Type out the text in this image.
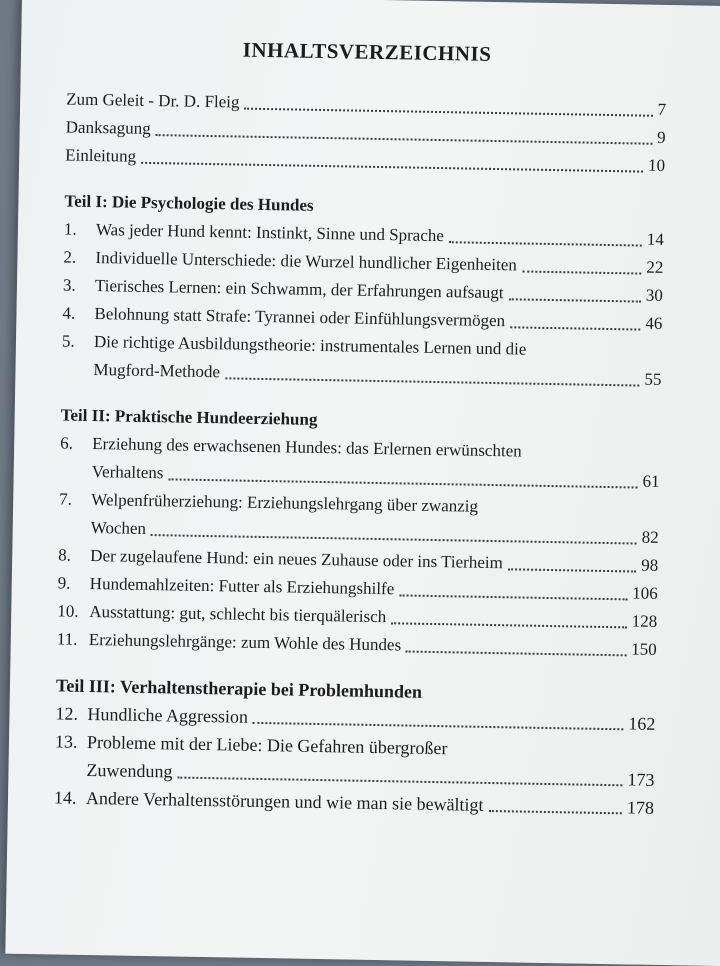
INHALTSVERZEICHNIS
Zum Geleit - Dr. D. Fleig	7
Danksagung	9
Einleitung	10
Teil I: Die Psychologie des Hundes
1.	Was jeder Hund kennt: Instinkt, Sinne und Sprache	14
2.	Individuelle Unterschiede: die Wurzel hundlicher Eigenheiten	22
3.	Tierisches Lernen: ein Schwamm, der Erfahrungen aufsaugt	30
4.	Belohnung statt Strafe: Tyrannei oder Einfühlungsvermögen	46
5. Die richtige Ausbildungstheorie: instrumentales Lernen und die
Mugford-Methode	55
Teil II: Praktische Hundeerziehung
6. Erziehung des erwachsenen Hundes: das Erlernen erwünschten
Verhaltens	61
7. Welpenfrüherziehung: Erziehungslehrgang über zwanzig
Wochen	82
8.	Der zugelaufene Hund: ein neues Zuhause oder ins Tierheim	98
9.	Hundemahlzeiten: Futter als Erziehungshilfe	106
10. Ausstattung: gut, schlecht bis tierquälerisch	128
11. Erziehungslehrgänge: zum Wohle des Hundes	150
Teil III: Verhaltenstherapie bei Problemhunden
12. Hundliche Aggression	162
13. Probleme mit der Liebe: Die Gefahren übergroßer
Zuwendung	173
14. Andere Verhaltensstörungen und wie man sie bewältigt	178
